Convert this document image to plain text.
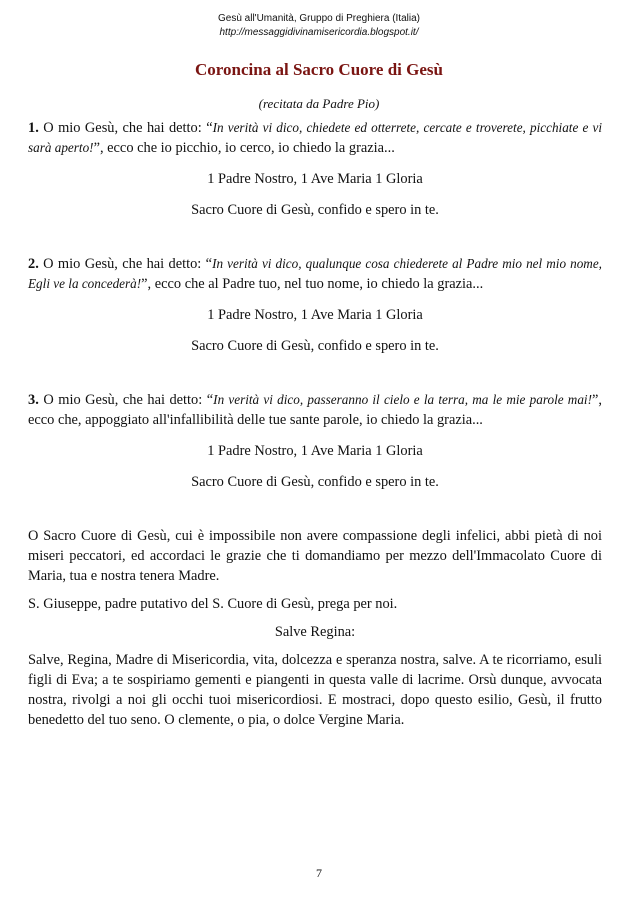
Gesù all'Umanità, Gruppo di Preghiera (Italia)
http://messaggidivinamisericordia.blogspot.it/
Coroncina al Sacro Cuore di Gesù
(recitata da Padre Pio)

1. O mio Gesù, che hai detto: “In verità vi dico, chiedete ed otterrete, cercate e troverete, picchiate e vi sarà aperto!”, ecco che io picchio, io cerco, io chiedo la grazia...

1 Padre Nostro, 1 Ave Maria 1 Gloria

Sacro Cuore di Gesù, confido e spero in te.

2. O mio Gesù, che hai detto: “In verità vi dico, qualunque cosa chiederete al Padre mio nel mio nome, Egli ve la concederà!”, ecco che al Padre tuo, nel tuo nome, io chiedo la grazia...

1 Padre Nostro, 1 Ave Maria 1 Gloria

Sacro Cuore di Gesù, confido e spero in te.

3. O mio Gesù, che hai detto: “In verità vi dico, passeranno il cielo e la terra, ma le mie parole mai!”, ecco che, appoggiato all'infallibilità delle tue sante parole, io chiedo la grazia...

1 Padre Nostro, 1 Ave Maria 1 Gloria

Sacro Cuore di Gesù, confido e spero in te.

O Sacro Cuore di Gesù, cui è impossibile non avere compassione degli infelici, abbi pietà di noi miseri peccatori, ed accordaci le grazie che ti domandiamo per mezzo dell'Immacolato Cuore di Maria, tua e nostra tenera Madre.

S. Giuseppe, padre putativo del S. Cuore di Gesù, prega per noi.

Salve Regina:

Salve, Regina, Madre di Misericordia, vita, dolcezza e speranza nostra, salve. A te ricorriamo, esuli figli di Eva; a te sospiriamo gementi e piangenti in questa valle di lacrime. Orsù dunque, avvocata nostra, rivolgi a noi gli occhi tuoi misericordiosi. E mostraci, dopo questo esilio, Gesù, il frutto benedetto del tuo seno. O clemente, o pia, o dolce Vergine Maria.

7
